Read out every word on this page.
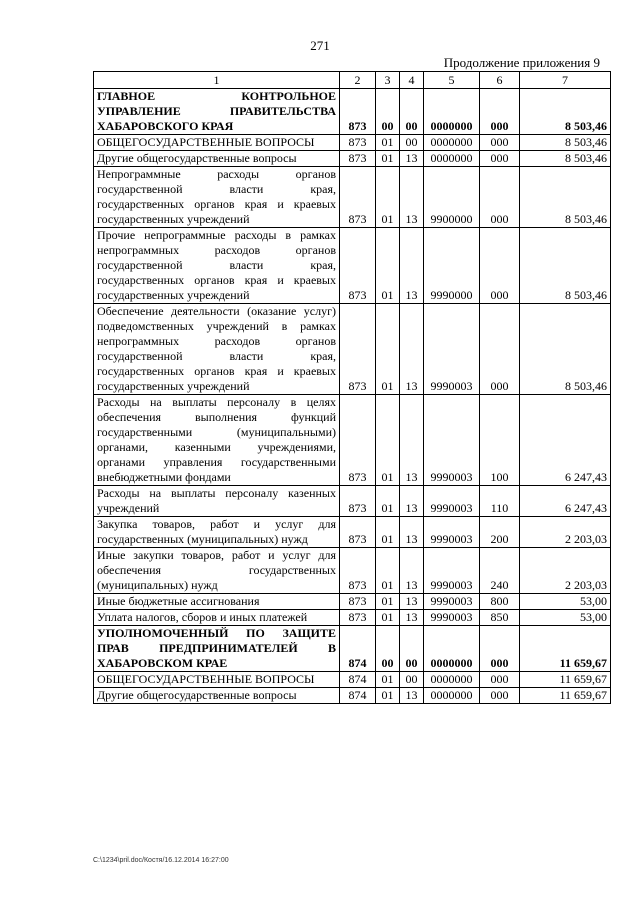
271
Продолжение приложения 9
1	2	3	4	5	6	7
ГЛАВНОЕ КОНТРОЛЬНОЕ УПРАВЛЕНИЕ ПРАВИТЕЛЬСТВА ХАБАРОВСКОГО КРАЯ	873	00	00	0000000	000	8 503,46
ОБЩЕГОСУДАРСТВЕННЫЕ ВОПРОСЫ	873	01	00	0000000	000	8 503,46
Другие общегосударственные вопросы	873	01	13	0000000	000	8 503,46
Непрограммные расходы органов государственной власти края, государственных органов края и краевых государственных учреждений	873	01	13	9900000	000	8 503,46
Прочие непрограммные расходы в рамках непрограммных расходов органов государственной власти края, государственных органов края и краевых государственных учреждений	873	01	13	9990000	000	8 503,46
Обеспечение деятельности (оказание услуг) подведомственных учреждений в рамках непрограммных расходов органов государственной власти края, государственных органов края и краевых государственных учреждений	873	01	13	9990003	000	8 503,46
Расходы на выплаты персоналу в целях обеспечения выполнения функций государственными (муниципальными) органами, казенными учреждениями, органами управления государственными внебюджетными фондами	873	01	13	9990003	100	6 247,43
Расходы на выплаты персоналу казенных учреждений	873	01	13	9990003	110	6 247,43
Закупка товаров, работ и услуг для государственных (муниципальных) нужд	873	01	13	9990003	200	2 203,03
Иные закупки товаров, работ и услуг для обеспечения государственных (муниципальных) нужд	873	01	13	9990003	240	2 203,03
Иные бюджетные ассигнования	873	01	13	9990003	800	53,00
Уплата налогов, сборов и иных платежей	873	01	13	9990003	850	53,00
УПОЛНОМОЧЕННЫЙ ПО ЗАЩИТЕ ПРАВ ПРЕДПРИНИМАТЕЛЕЙ В ХАБАРОВСКОМ КРАЕ	874	00	00	0000000	000	11 659,67
ОБЩЕГОСУДАРСТВЕННЫЕ ВОПРОСЫ	874	01	00	0000000	000	11 659,67
Другие общегосударственные вопросы	874	01	13	0000000	000	11 659,67
C:\1234\pril.doc/Костя/16.12.2014 16:27:00
